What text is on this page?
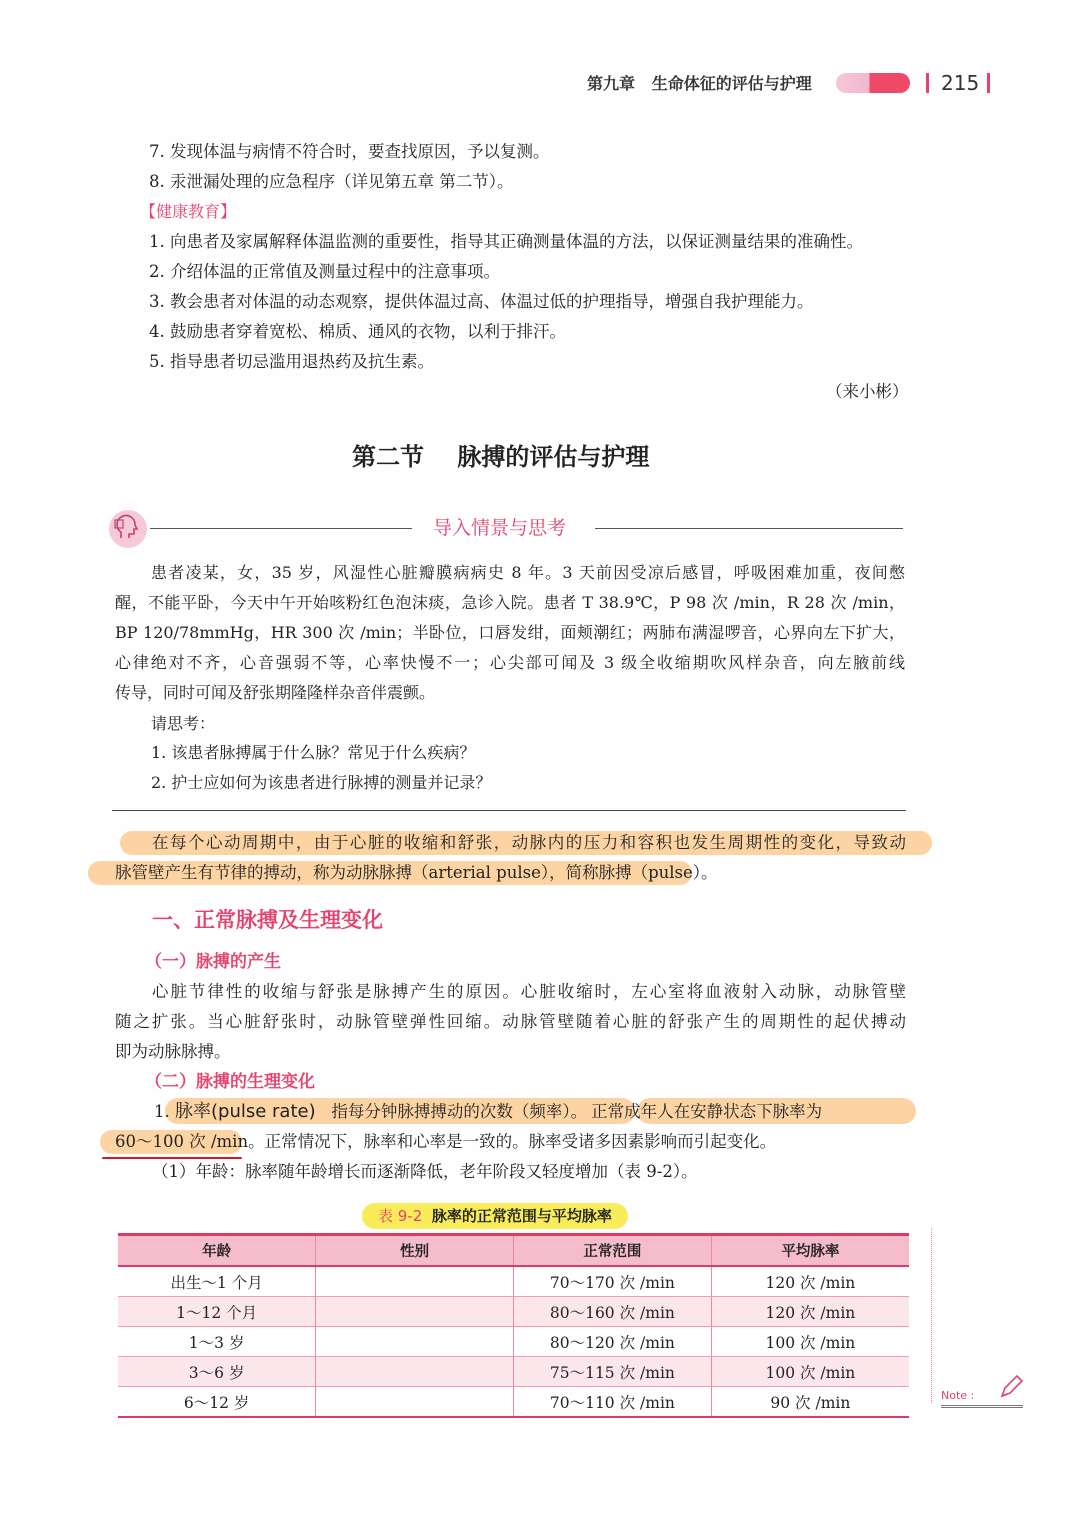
第九章 生命体征的评估与护理	215
7. 发现体温与病情不符合时，要查找原因，予以复测。
8. 汞泄漏处理的应急程序（详见第五章 第二节）。
【健康教育】
1. 向患者及家属解释体温监测的重要性，指导其正确测量体温的方法，以保证测量结果的准确性。
2. 介绍体温的正常值及测量过程中的注意事项。
3. 教会患者对体温的动态观察，提供体温过高、体温过低的护理指导，增强自我护理能力。
4. 鼓励患者穿着宽松、棉质、通风的衣物，以利于排汗。
5. 指导患者切忌滥用退热药及抗生素。
（来小彬）
第二节    脉搏的评估与护理
导入情景与思考
患者凌某，女，35 岁，风湿性心脏瓣膜病病史 8 年。3 天前因受凉后感冒，呼吸困难加重，夜间憋
醒，不能平卧，今天中午开始咳粉红色泡沫痰，急诊入院。患者 T 38.9℃，P 98 次 /min，R 28 次 /min，
BP 120/78mmHg，HR 300 次 /min；半卧位，口唇发绀，面颊潮红；两肺布满湿啰音，心界向左下扩大，
心律绝对不齐，心音强弱不等，心率快慢不一；心尖部可闻及 3 级全收缩期吹风样杂音，向左腋前线
传导，同时可闻及舒张期隆隆样杂音伴震颤。
请思考：
1. 该患者脉搏属于什么脉？常见于什么疾病？
2. 护士应如何为该患者进行脉搏的测量并记录？
在每个心动周期中，由于心脏的收缩和舒张，动脉内的压力和容积也发生周期性的变化，导致动
脉管壁产生有节律的搏动，称为动脉脉搏（arterial pulse），简称脉搏（pulse）。
一、正常脉搏及生理变化
（一）脉搏的产生
心脏节律性的收缩与舒张是脉搏产生的原因。心脏收缩时，左心室将血液射入动脉，动脉管壁
随之扩张。当心脏舒张时，动脉管壁弹性回缩。动脉管壁随着心脏的舒张产生的周期性的起伏搏动
即为动脉脉搏。
（二）脉搏的生理变化
1. 脉率(pulse rate) 指每分钟脉搏搏动的次数（频率）。 正常成年人在安静状态下脉率为
60～100 次 /min。正常情况下，脉率和心率是一致的。脉率受诸多因素影响而引起变化。
（1）年龄：脉率随年龄增长而逐渐降低，老年阶段又轻度增加（表 9-2）。
表 9-2 脉率的正常范围与平均脉率
年龄	性别	正常范围	平均脉率
出生～1 个月		70～170 次 /min	120 次 /min
1～12 个月		80～160 次 /min	120 次 /min
1～3 岁		80～120 次 /min	100 次 /min
3～6 岁		75～115 次 /min	100 次 /min
6～12 岁		70～110 次 /min	90 次 /min	Note :
